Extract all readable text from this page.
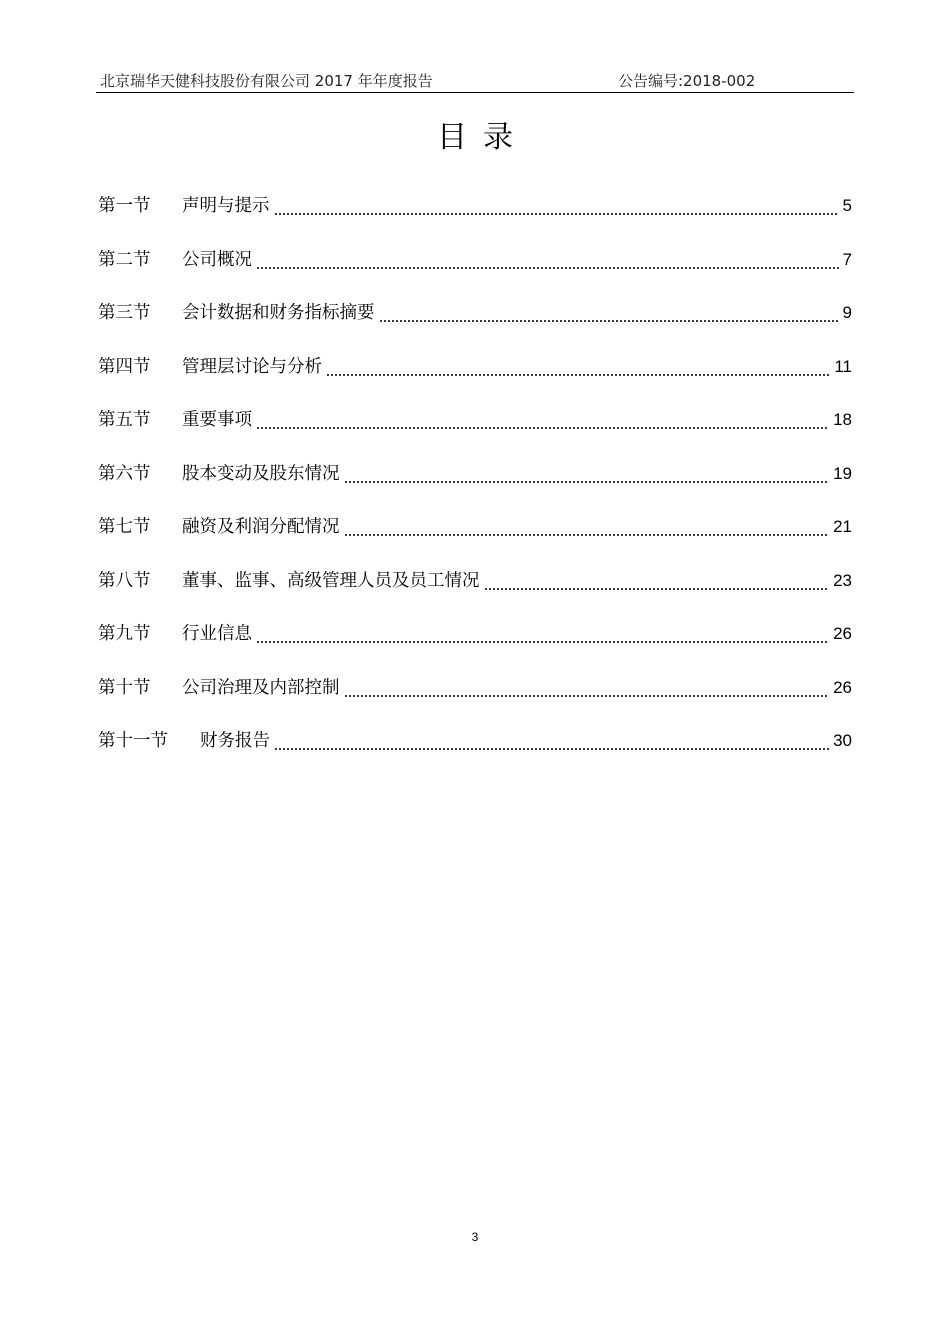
北京瑞华天健科技股份有限公司 2017 年年度报告	公告编号:2018-002
目录
第一节	声明与提示	5
第二节	公司概况	7
第三节	会计数据和财务指标摘要	9
第四节	管理层讨论与分析	11
第五节	重要事项	18
第六节	股本变动及股东情况	19
第七节	融资及利润分配情况	21
第八节	董事、监事、高级管理人员及员工情况	23
第九节	行业信息	26
第十节	公司治理及内部控制	26
第十一节	财务报告	30
3
